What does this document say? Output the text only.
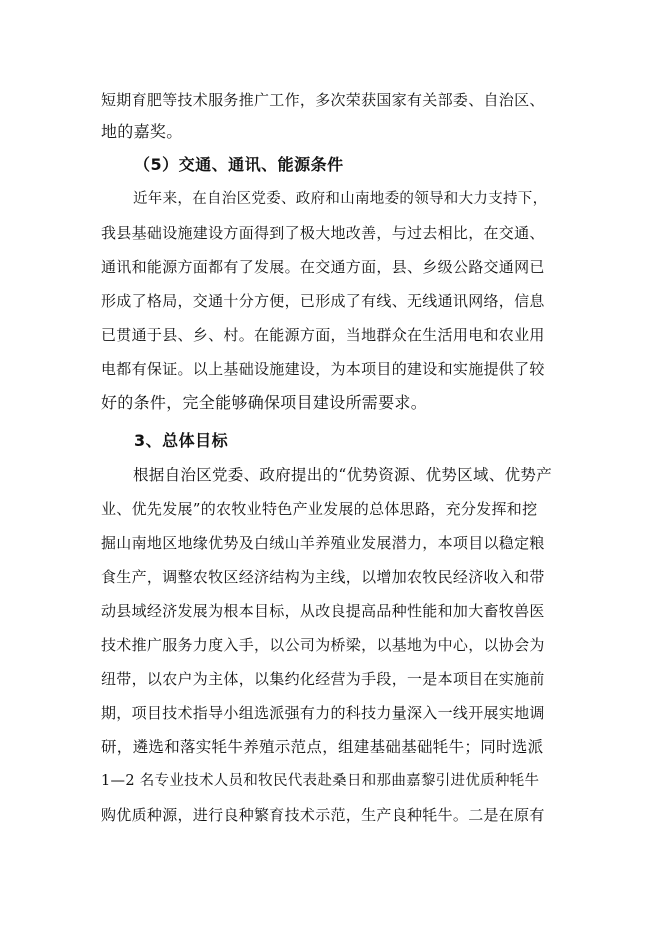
短期育肥等技术服务推广工作，多次荣获国家有关部委、自治区、
地的嘉奖。
（5）交通、通讯、能源条件
近年来，在自治区党委、政府和山南地委的领导和大力支持下，
我县基础设施建设方面得到了极大地改善，与过去相比，在交通、
通讯和能源方面都有了发展。在交通方面，县、乡级公路交通网已
形成了格局，交通十分方便，已形成了有线、无线通讯网络，信息
已贯通于县、乡、村。在能源方面，当地群众在生活用电和农业用
电都有保证。以上基础设施建设，为本项目的建设和实施提供了较
好的条件，完全能够确保项目建设所需要求。
3、总体目标
根据自治区党委、政府提出的“优势资源、优势区域、优势产
业、优先发展”的农牧业特色产业发展的总体思路，充分发挥和挖
掘山南地区地缘优势及白绒山羊养殖业发展潜力，本项目以稳定粮
食生产，调整农牧区经济结构为主线，以增加农牧民经济收入和带
动县域经济发展为根本目标，从改良提高品种性能和加大畜牧兽医
技术推广服务力度入手，以公司为桥梁，以基地为中心，以协会为
纽带，以农户为主体，以集约化经营为手段，一是本项目在实施前
期，项目技术指导小组选派强有力的科技力量深入一线开展实地调
研，遴选和落实牦牛养殖示范点，组建基础基础牦牛；同时选派
1—2 名专业技术人员和牧民代表赴桑日和那曲嘉黎引进优质种牦牛
购优质种源，进行良种繁育技术示范，生产良种牦牛。二是在原有
